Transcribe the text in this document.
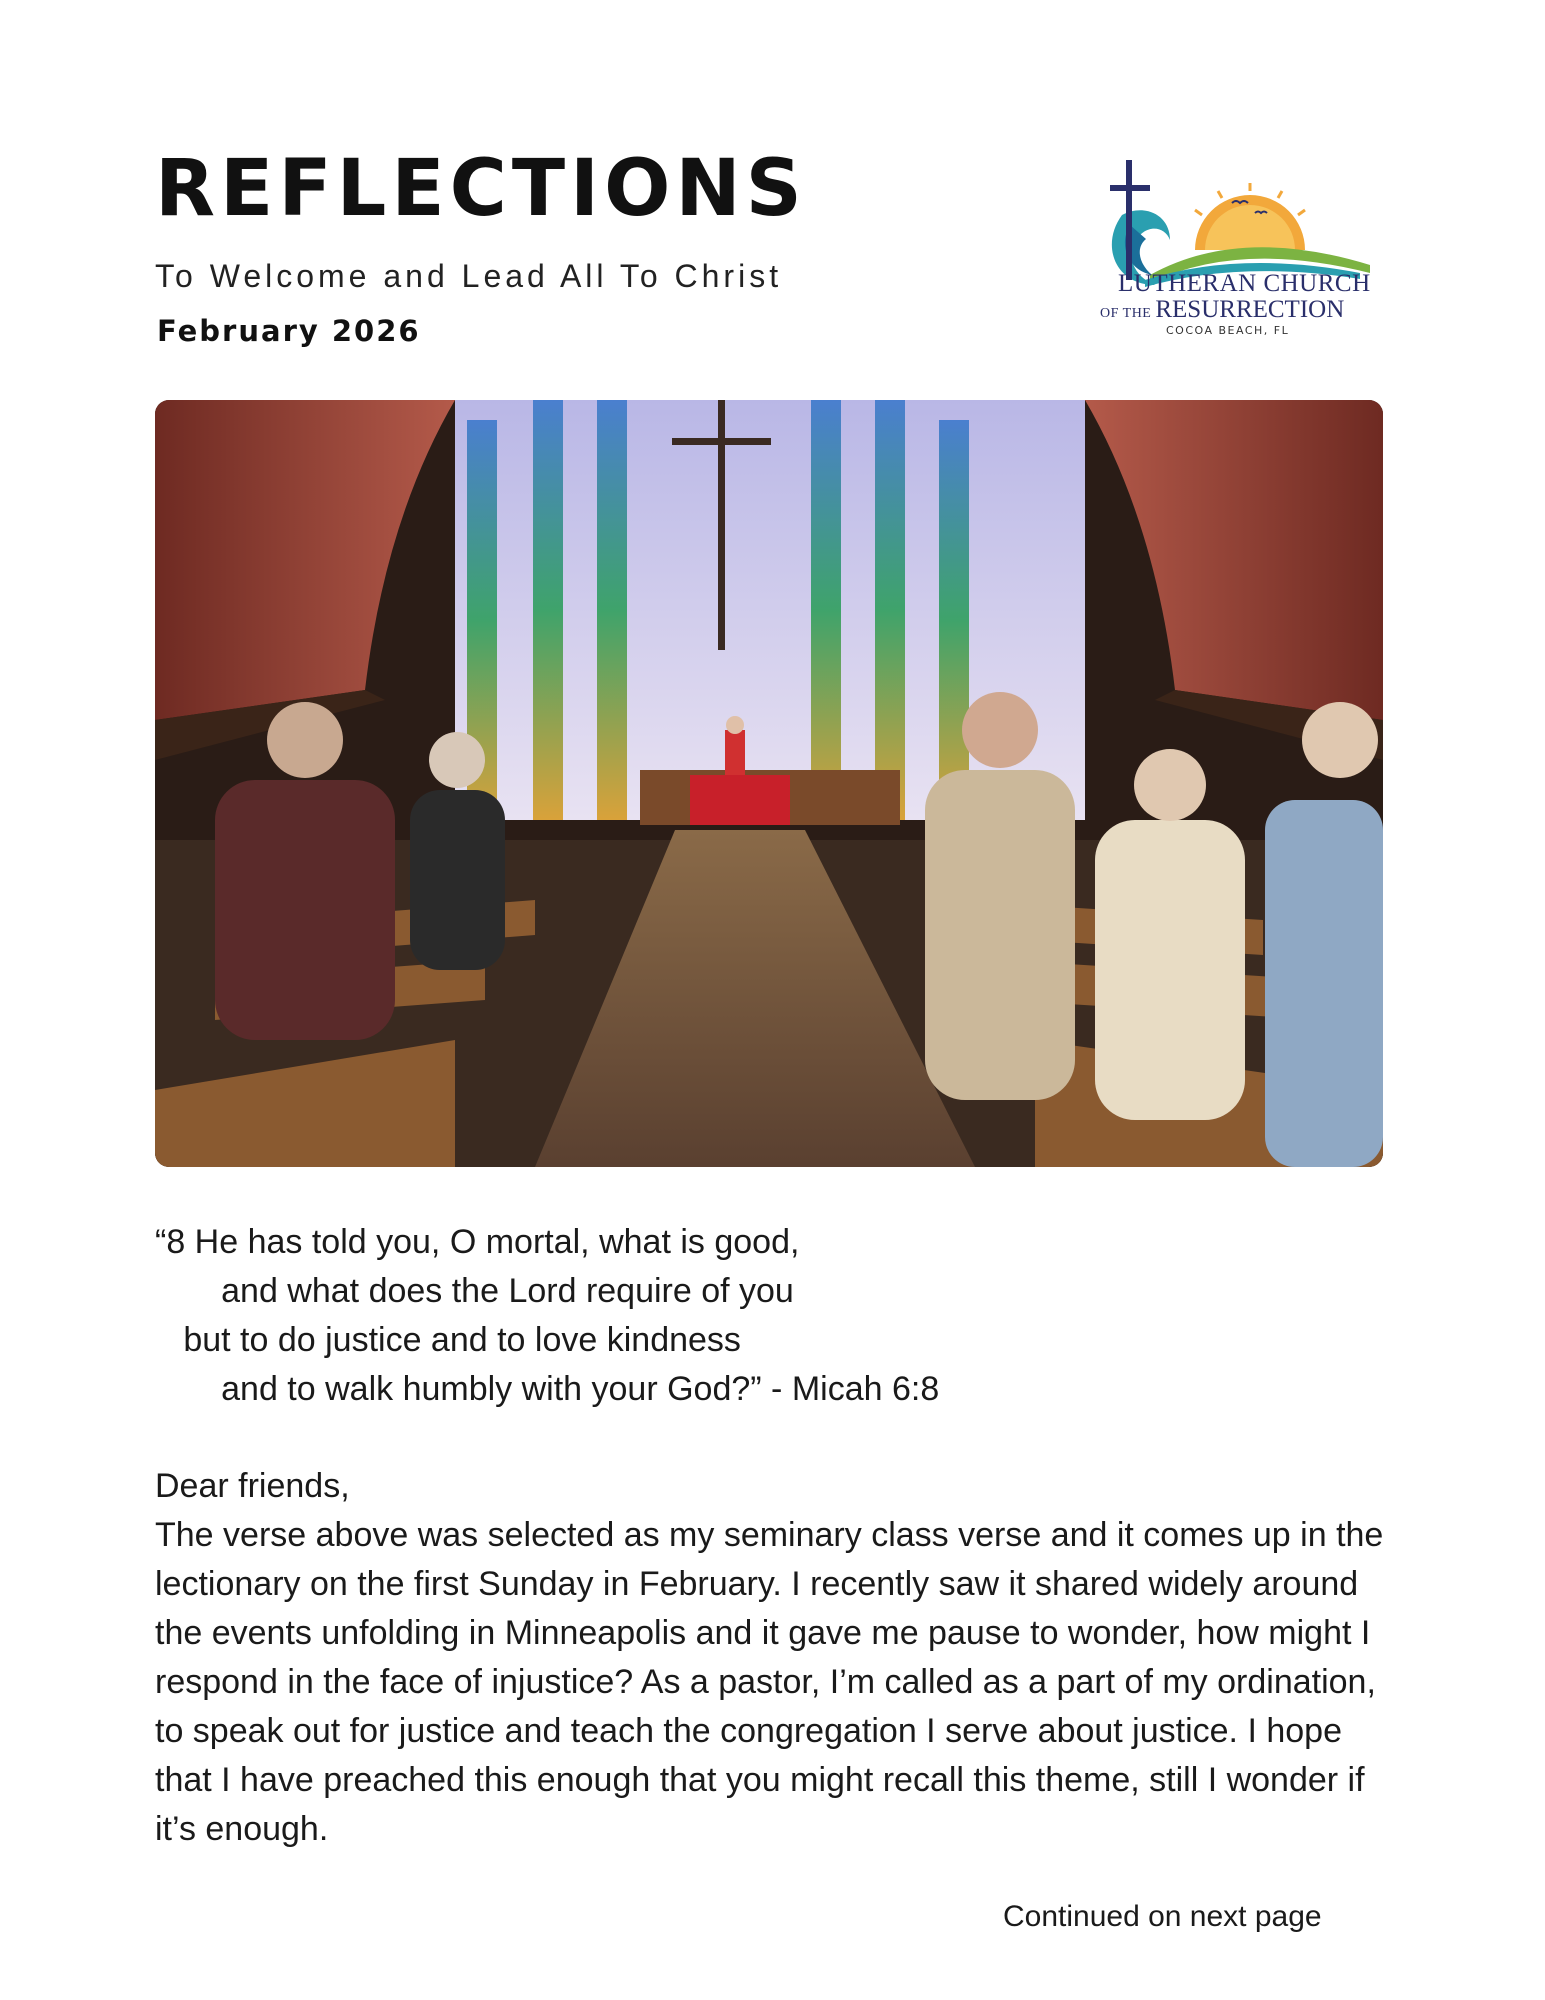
REFLECTIONS
To Welcome and Lead All To Christ
February 2026
LUTHERAN CHURCH
OF THE RESURRECTION
COCOA BEACH, FL
“8 He has told you, O mortal, what is good,
and what does the Lord require of you
but to do justice and to love kindness
and to walk humbly with your God?” - Micah 6:8

Dear friends,

The verse above was selected as my seminary class verse and it comes up in the lectionary on the first Sunday in February. I recently saw it shared widely around the events unfolding in Minneapolis and it gave me pause to wonder, how might I respond in the face of injustice? As a pastor, I’m called as a part of my ordination, to speak out for justice and teach the congregation I serve about justice. I hope that I have preached this enough that you might recall this theme, still I wonder if it’s enough.

Continued on next page
